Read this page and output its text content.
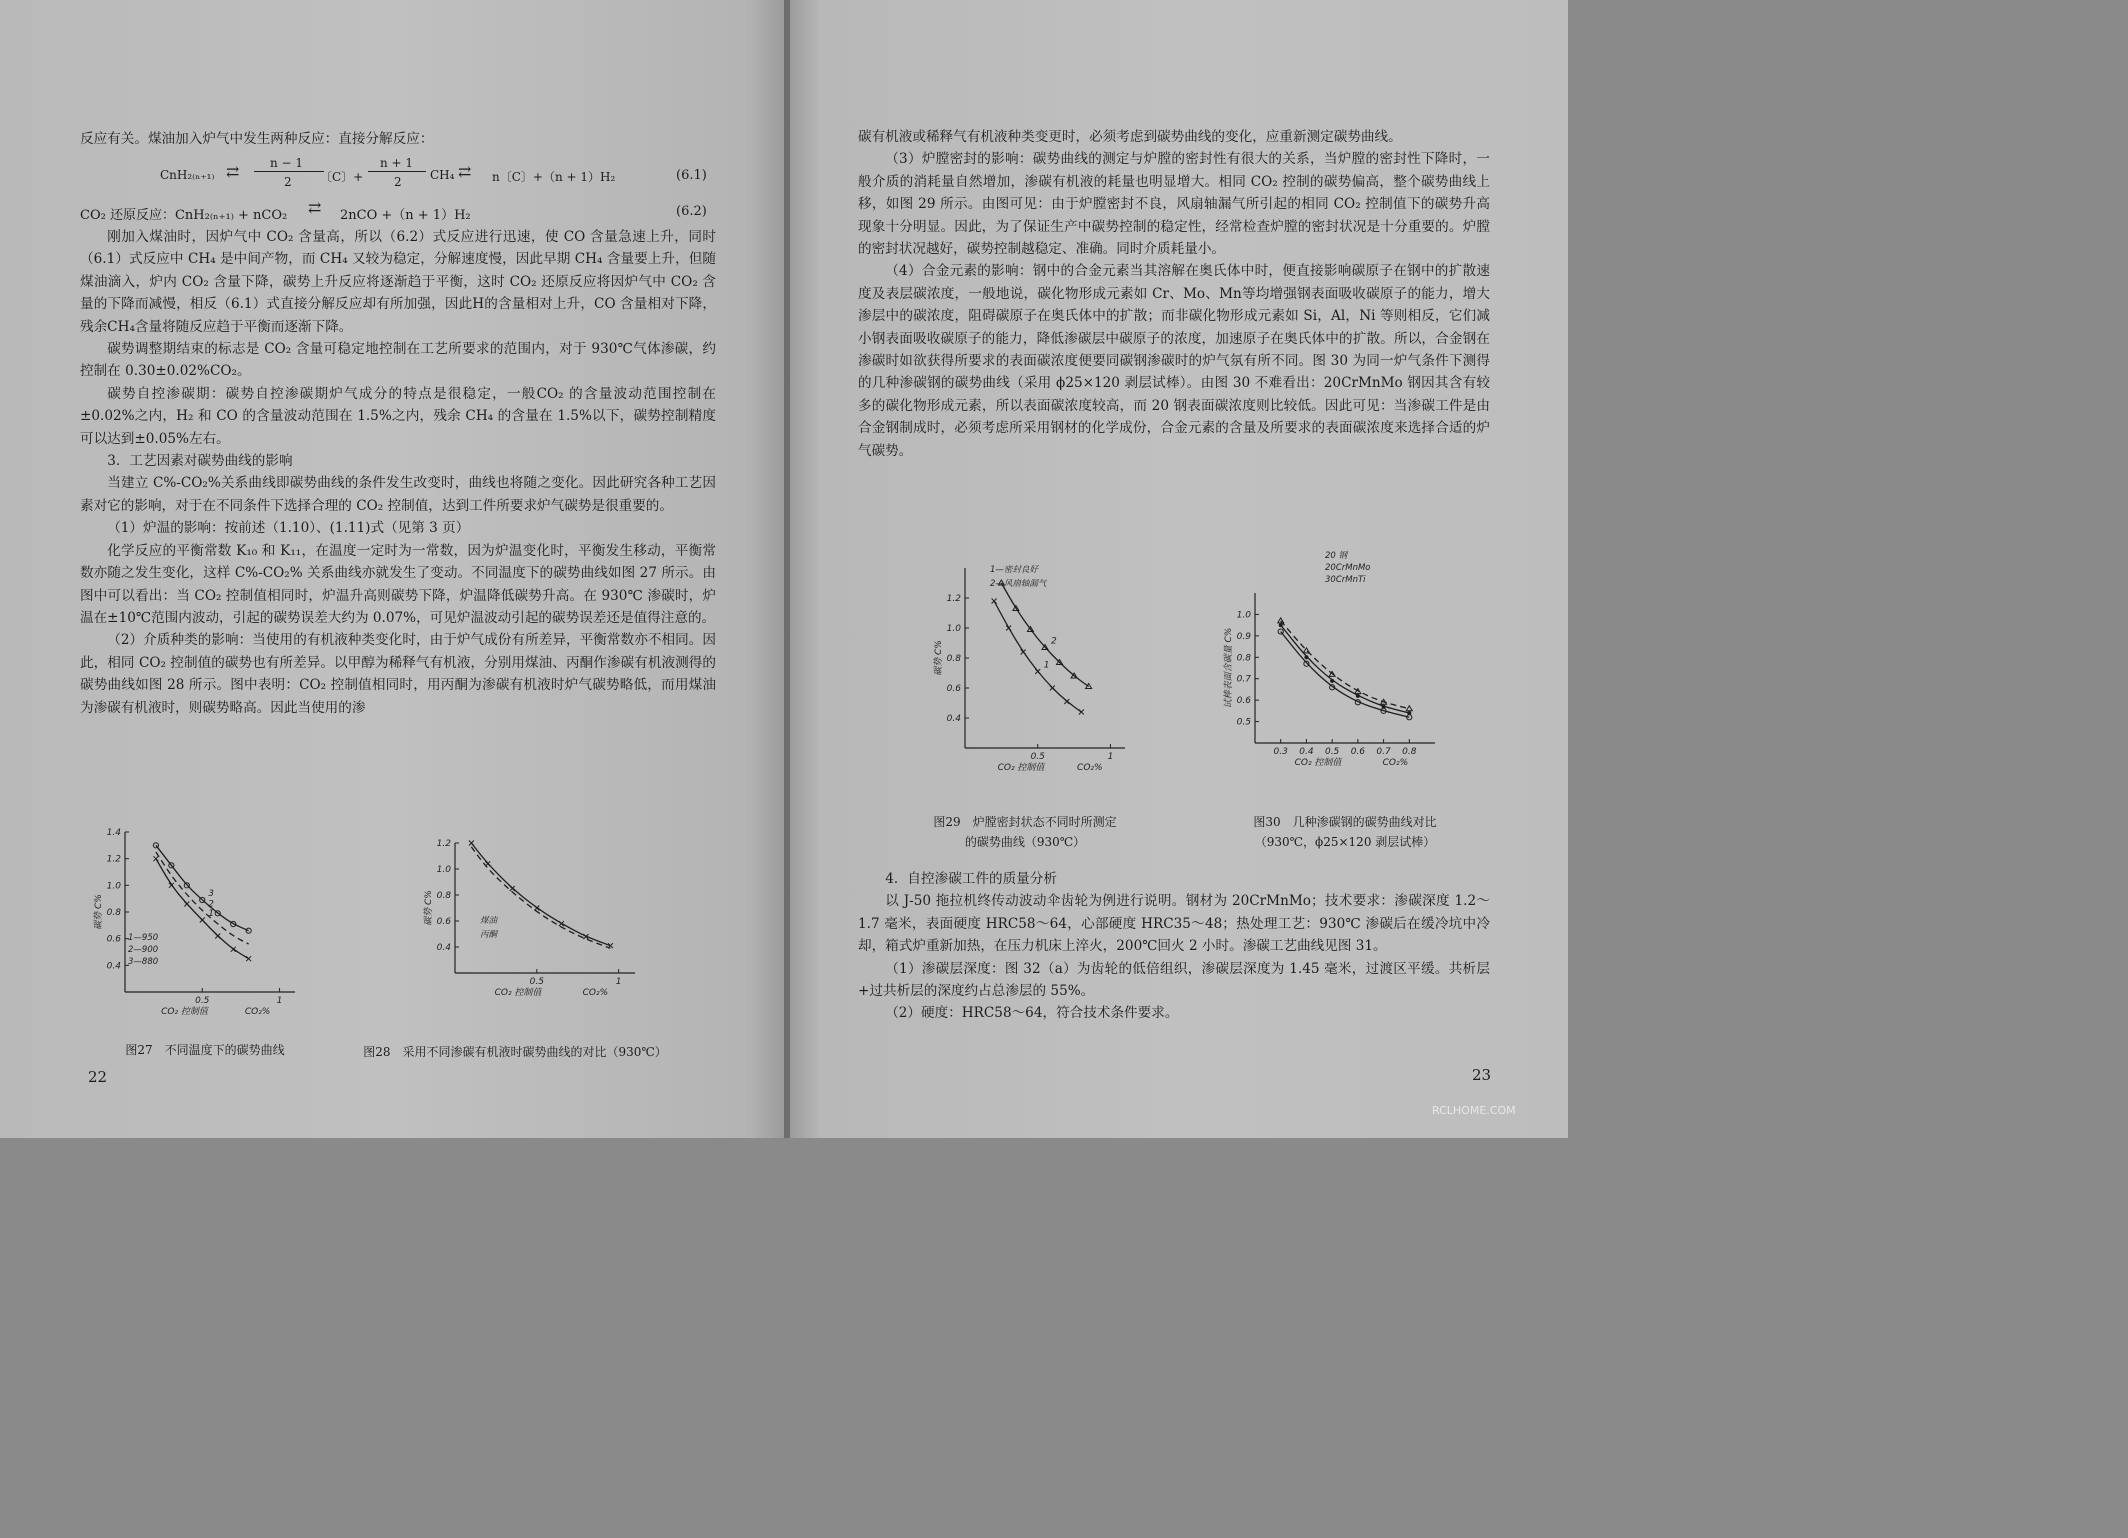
反应有关。煤油加入炉气中发生两种反应：直接分解反应：

CnH₂₍ₙ₊₁₎ ⇄	n − 1
2 〔C〕+
n + 1
2 CH₄ ⇄ n〔C〕+（n + 1）H₂	(6.1)
CO₂ 还原反应：CnH₂₍ₙ₊₁₎ + nCO₂ ⇄ 2nCO +（n + 1）H₂	(6.2)

刚加入煤油时，因炉气中 CO₂ 含量高，所以（6.2）式反应进行迅速，使 CO 含量急速上升，同时（6.1）式反应中 CH₄ 是中间产物，而 CH₄ 又较为稳定，分解速度慢，因此早期 CH₄ 含量要上升，但随煤油滴入，炉内 CO₂ 含量下降，碳势上升反应将逐渐趋于平衡，这时 CO₂ 还原反应将因炉气中 CO₂ 含量的下降而减慢，相反（6.1）式直接分解反应却有所加强，因此H的含量相对上升，CO 含量相对下降，残余CH₄含量将随反应趋于平衡而逐渐下降。

碳势调整期结束的标志是 CO₂ 含量可稳定地控制在工艺所要求的范围内，对于 930℃气体渗碳，约控制在 0.30±0.02%CO₂。

碳势自控渗碳期：碳势自控渗碳期炉气成分的特点是很稳定，一般CO₂ 的含量波动范围控制在±0.02%之内，H₂ 和 CO 的含量波动范围在 1.5%之内，残余 CH₄ 的含量在 1.5%以下，碳势控制精度可以达到±0.05%左右。

3．工艺因素对碳势曲线的影响

当建立 C%-CO₂%关系曲线即碳势曲线的条件发生改变时，曲线也将随之变化。因此研究各种工艺因素对它的影响，对于在不同条件下选择合理的 CO₂ 控制值，达到工件所要求炉气碳势是很重要的。

（1）炉温的影响：按前述（1.10）、(1.11)式（见第 3 页）

化学反应的平衡常数 K₁₀ 和 K₁₁，在温度一定时为一常数，因为炉温变化时，平衡发生移动，平衡常数亦随之发生变化，这样 C%-CO₂% 关系曲线亦就发生了变动。不同温度下的碳势曲线如图 27 所示。由图中可以看出：当 CO₂ 控制值相同时，炉温升高则碳势下降，炉温降低碳势升高。在 930℃ 渗碳时，炉温在±10℃范围内波动，引起的碳势误差大约为 0.07%，可见炉温波动引起的碳势误差还是值得注意的。

（2）介质种类的影响：当使用的有机液种类变化时，由于炉气成份有所差异，平衡常数亦不相同。因此，相同 CO₂ 控制值的碳势也有所差异。以甲醇为稀释气有机液，分别用煤油、丙酮作渗碳有机液测得的碳势曲线如图 28 所示。图中表明：CO₂ 控制值相同时，用丙酮为渗碳有机液时炉气碳势略低，而用煤油为渗碳有机液时，则碳势略高。因此当使用的渗

0.4
0.6
0.8
1.0
1.2
1.4
0.5	1
CO₂%
CO₂ 控制值
碳势 C%	1
2
3
1—950
2—900
3—880
0.4
0.6
0.8
1.0
1.2
0.5	1
CO₂%
CO₂ 控制值
碳势 C%	煤油
丙酮
图27　不同温度下的碳势曲线	图28　采用不同渗碳有机液时碳势曲线的对比（930℃）
22

碳有机液或稀释气有机液种类变更时，必须考虑到碳势曲线的变化，应重新测定碳势曲线。

（3）炉膛密封的影响：碳势曲线的测定与炉膛的密封性有很大的关系，当炉膛的密封性下降时，一般介质的消耗量自然增加，渗碳有机液的耗量也明显增大。相同 CO₂ 控制的碳势偏高，整个碳势曲线上移，如图 29 所示。由图可见：由于炉膛密封不良，风扇轴漏气所引起的相同 CO₂ 控制值下的碳势升高现象十分明显。因此，为了保证生产中碳势控制的稳定性，经常检查炉膛的密封状况是十分重要的。炉膛的密封状况越好，碳势控制越稳定、准确。同时介质耗量小。

（4）合金元素的影响：钢中的合金元素当其溶解在奥氏体中时，便直接影响碳原子在钢中的扩散速度及表层碳浓度，一般地说，碳化物形成元素如 Cr、Mo、Mn等均增强钢表面吸收碳原子的能力，增大渗层中的碳浓度，阻碍碳原子在奥氏体中的扩散；而非碳化物形成元素如 Si，Al，Ni 等则相反，它们减小钢表面吸收碳原子的能力，降低渗碳层中碳原子的浓度，加速原子在奥氏体中的扩散。所以，合金钢在渗碳时如欲获得所要求的表面碳浓度便要同碳钢渗碳时的炉气氛有所不同。图 30 为同一炉气条件下测得的几种渗碳钢的碳势曲线（采用 ϕ25×120 剥层试棒）。由图 30 不难看出：20CrMnMo 钢因其含有较多的碳化物形成元素，所以表面碳浓度较高，而 20 钢表面碳浓度则比较低。因此可见：当渗碳工件是由合金钢制成时，必须考虑所采用钢材的化学成份，合金元素的含量及所要求的表面碳浓度来选择合适的炉气碳势。

0.4
0.6
0.8
1.0
1.2
0.5	1
CO₂%
CO₂ 控制值
碳势 C%	1
2
1—密封良好
2—风扇轴漏气
0.5
0.6
0.7
0.8
0.9
1.0
0.3 0.4 0.5 0.6 0.7 0.8
CO₂%
CO₂ 控制值
试棒表面含碳量 C%
20 钢
20CrMnMo
30CrMnTi
图29　炉膛密封状态不同时所测定
的碳势曲线（930℃）
图30　几种渗碳钢的碳势曲线对比
（930℃，ϕ25×120 剥层试棒）

4．自控渗碳工件的质量分析

以 J-50 拖拉机终传动波动伞齿轮为例进行说明。钢材为 20CrMnMo；技术要求：渗碳深度 1.2～1.7 毫米，表面硬度 HRC58～64，心部硬度 HRC35～48；热处理工艺：930℃ 渗碳后在缓冷坑中冷却，箱式炉重新加热，在压力机床上淬火，200℃回火 2 小时。渗碳工艺曲线见图 31。

（1）渗碳层深度：图 32（a）为齿轮的低倍组织，渗碳层深度为 1.45 毫米，过渡区平缓。共析层+过共析层的深度约占总渗层的 55%。

（2）硬度：HRC58～64，符合技术条件要求。

23
RCLHOME.COM
